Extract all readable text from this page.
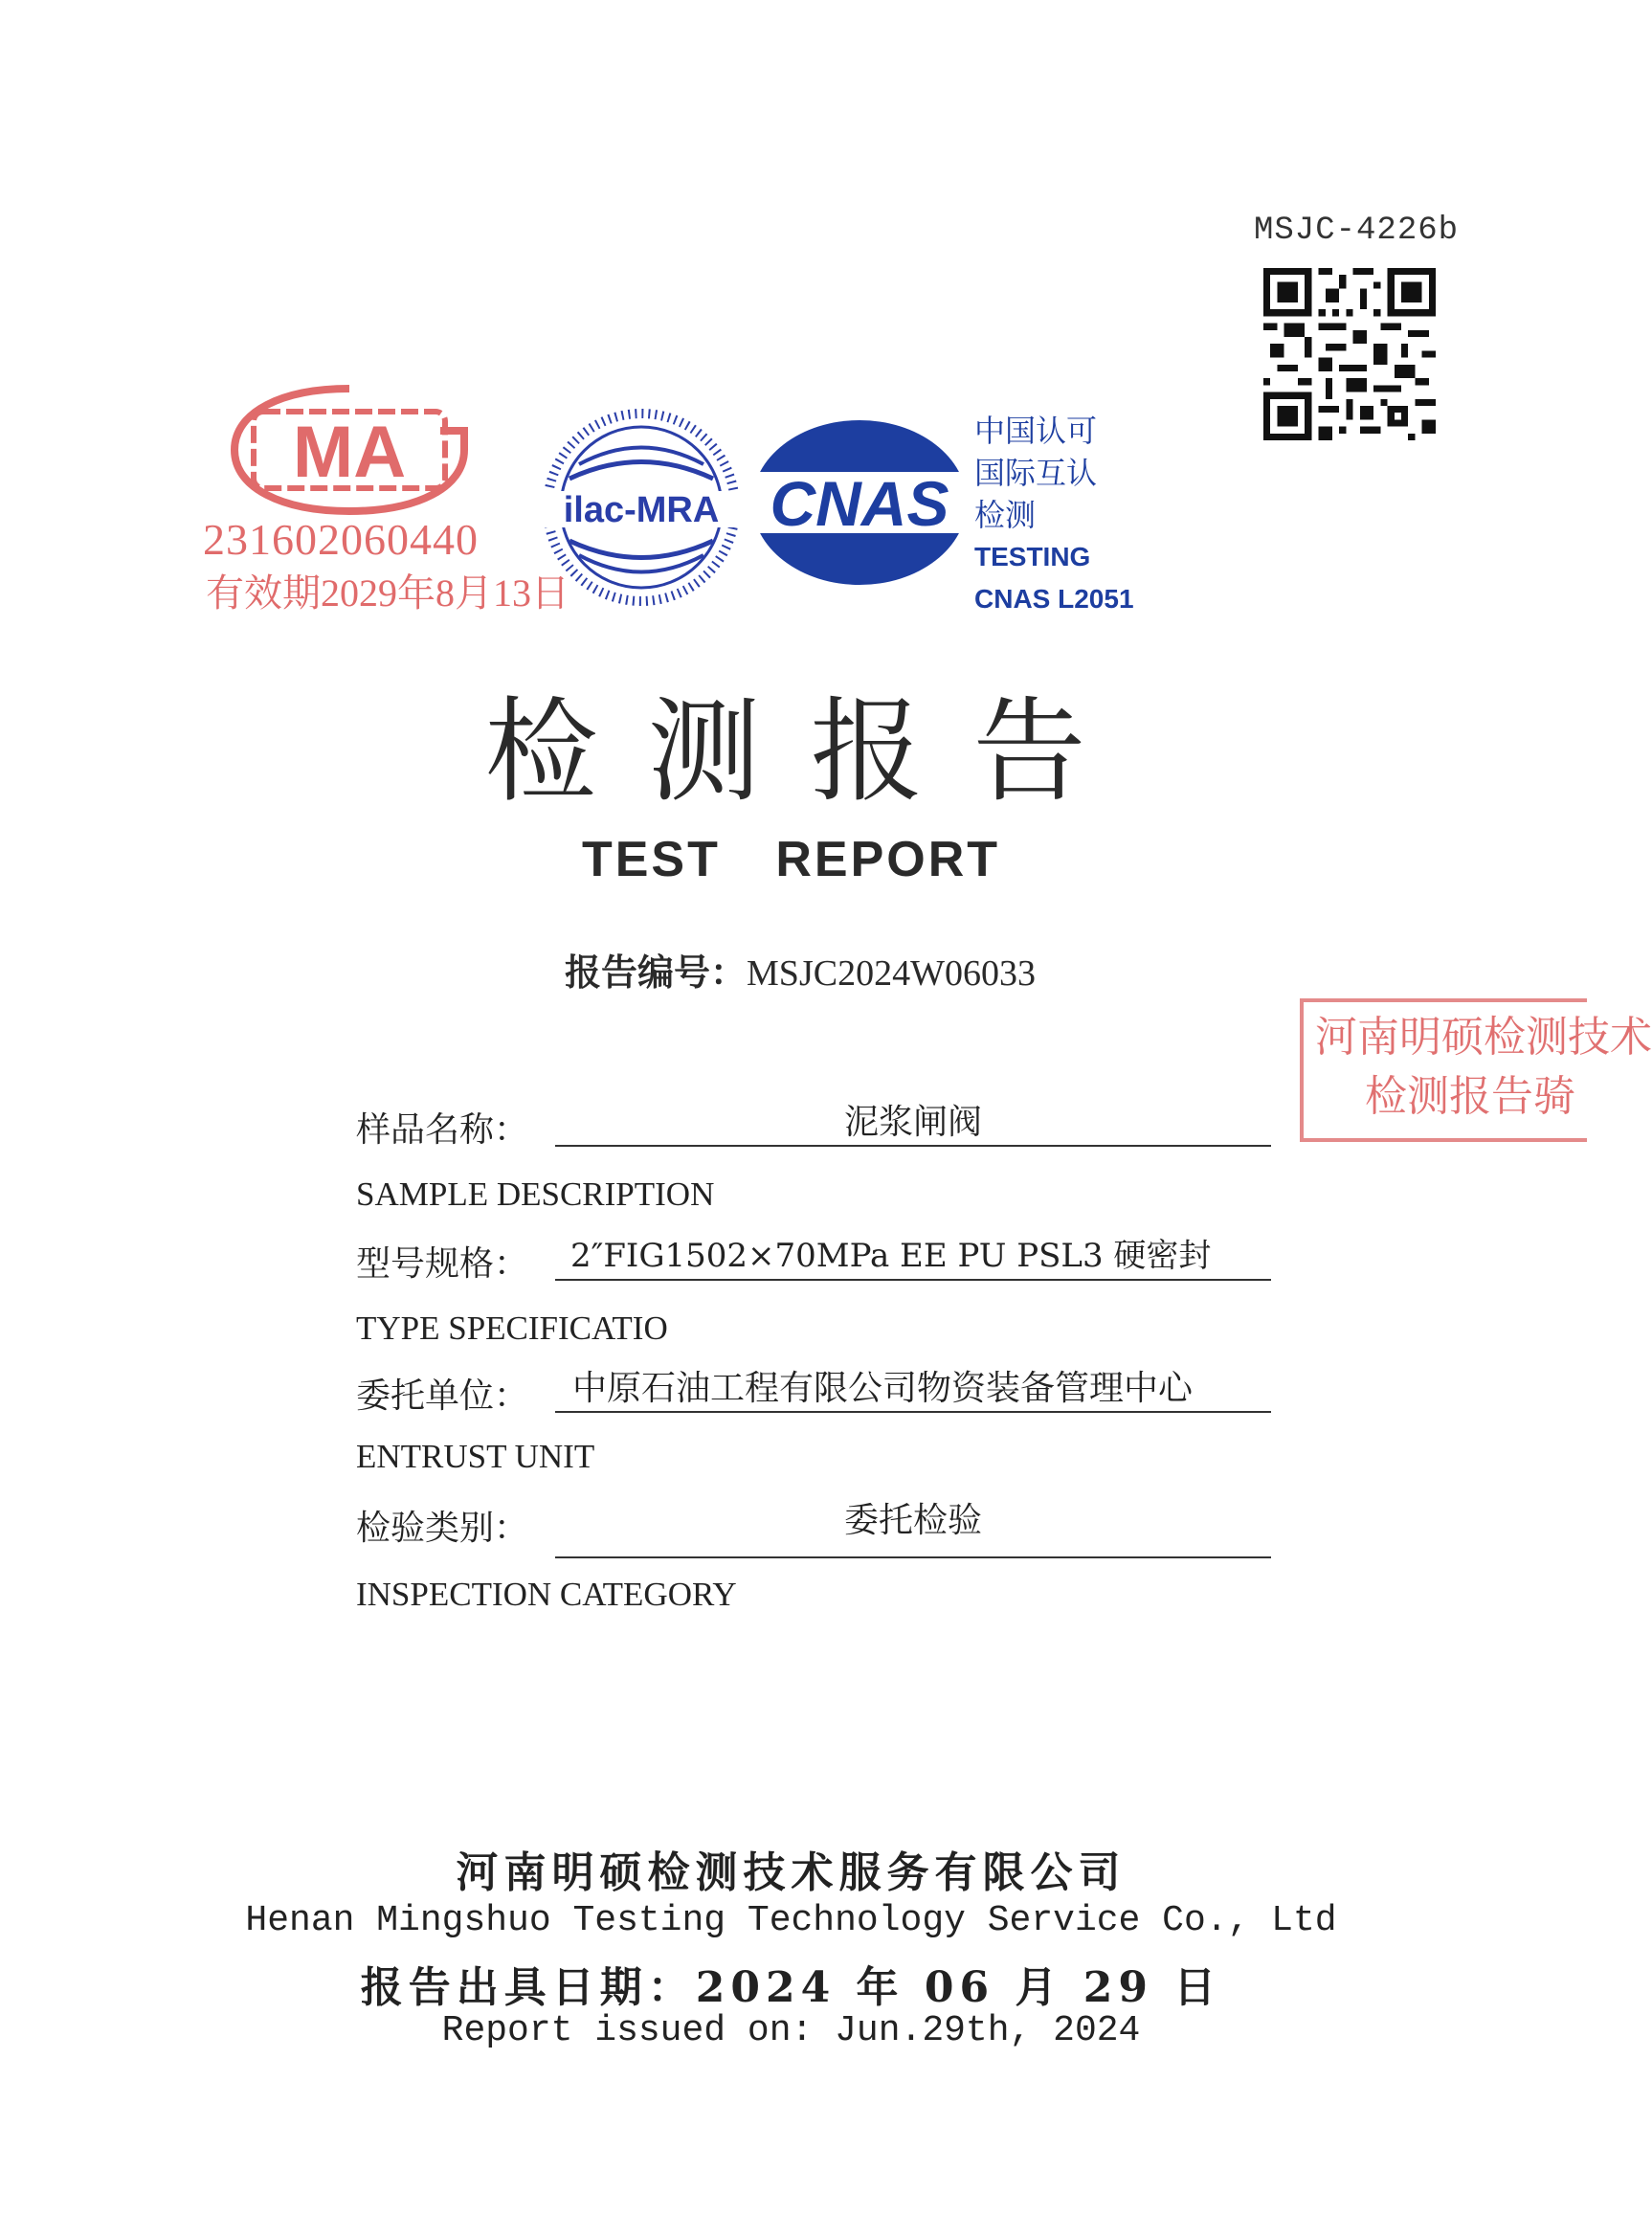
MSJC-4226b
MA
231602060440
有效期2029年8月13日
ilac-MRA CNAS
中国认可
国际互认
检测
TESTING
CNAS L2051
检测报告
TEST REPORT
报告编号：MSJC2024W06033
河南明硕检测技术
检测报告骑
样品名称：	泥浆闸阀
SAMPLE DESCRIPTION
型号规格：	2″FIG1502×70MPa EE PU PSL3 硬密封
TYPE SPECIFICATIO
委托单位：	中原石油工程有限公司物资装备管理中心
ENTRUST UNIT
检验类别：	委托检验
INSPECTION CATEGORY
河南明硕检测技术服务有限公司
Henan Mingshuo Testing Technology Service Co., Ltd
报告出具日期：2024 年 06 月 29 日
Report issued on: Jun.29th, 2024
